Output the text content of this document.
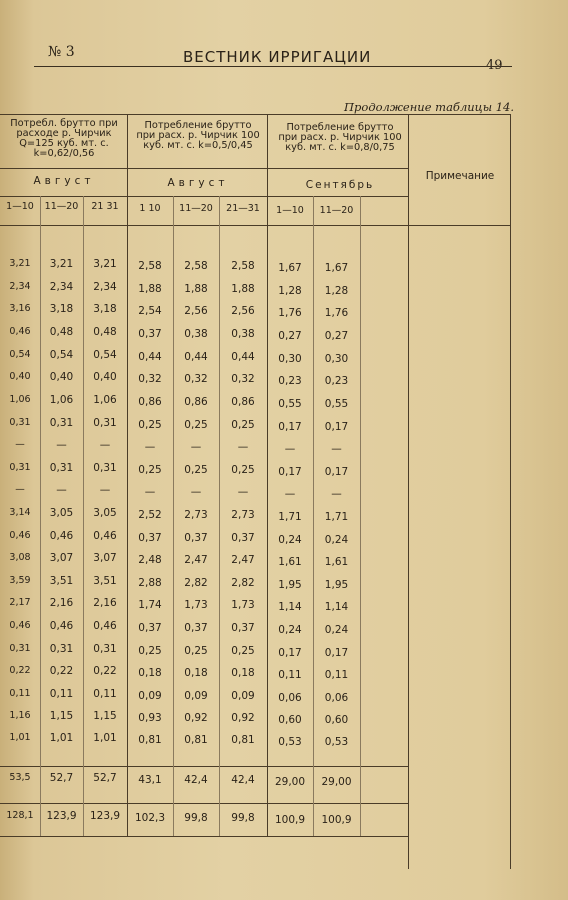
№ 3	ВЕСТНИК ИРРИГАЦИИ	49
Продолжение таблицы 14.
Потребл. брутто при расходе р. Чирчик Q=125 куб. мт. с. k=0,62/0,56
Потребление брутто при расх. р. Чирчик 100 куб. мт. с. k=0,5/0,45
Потребление брутто при расх. р. Чирчик 100 куб. мт. с. k=0,8/0,75
Примечание
Август	Август	Сентябрь
1—10	11—20	21 31	1 10	11—20	21—31	1—10	11—20
3,21	3,21	3,21	2,58	2,58	2,58	1,67	1,67
2,34	2,34	2,34	1,88	1,88	1,88	1,28	1,28
3,16	3,18	3,18	2,54	2,56	2,56	1,76	1,76
0,46	0,48	0,48	0,37	0,38	0,38	0,27	0,27
0,54	0,54	0,54	0,44	0,44	0,44	0,30	0,30
0,40	0,40	0,40	0,32	0,32	0,32	0,23	0,23
1,06	1,06	1,06	0,86	0,86	0,86	0,55	0,55
0,31	0,31	0,31	0,25	0,25	0,25	0,17	0,17
—	—	—	—	—	—	—	—
0,31	0,31	0,31	0,25	0,25	0,25	0,17	0,17
—	—	—	—	—	—	—	—
3,14	3,05	3,05	2,52	2,73	2,73	1,71	1,71
0,46	0,46	0,46	0,37	0,37	0,37	0,24	0,24
3,08	3,07	3,07	2,48	2,47	2,47	1,61	1,61
3,59	3,51	3,51	2,88	2,82	2,82	1,95	1,95
2,17	2,16	2,16	1,74	1,73	1,73	1,14	1,14
0,46	0,46	0,46	0,37	0,37	0,37	0,24	0,24
0,31	0,31	0,31	0,25	0,25	0,25	0,17	0,17
0,22	0,22	0,22	0,18	0,18	0,18	0,11	0,11
0,11	0,11	0,11	0,09	0,09	0,09	0,06	0,06
1,16	1,15	1,15	0,93	0,92	0,92	0,60	0,60
1,01	1,01	1,01	0,81	0,81	0,81	0,53	0,53
53,5	52,7	52,7	43,1	42,4	42,4	29,00	29,00
128,1	123,9	123,9	102,3	99,8	99,8	100,9	100,9
